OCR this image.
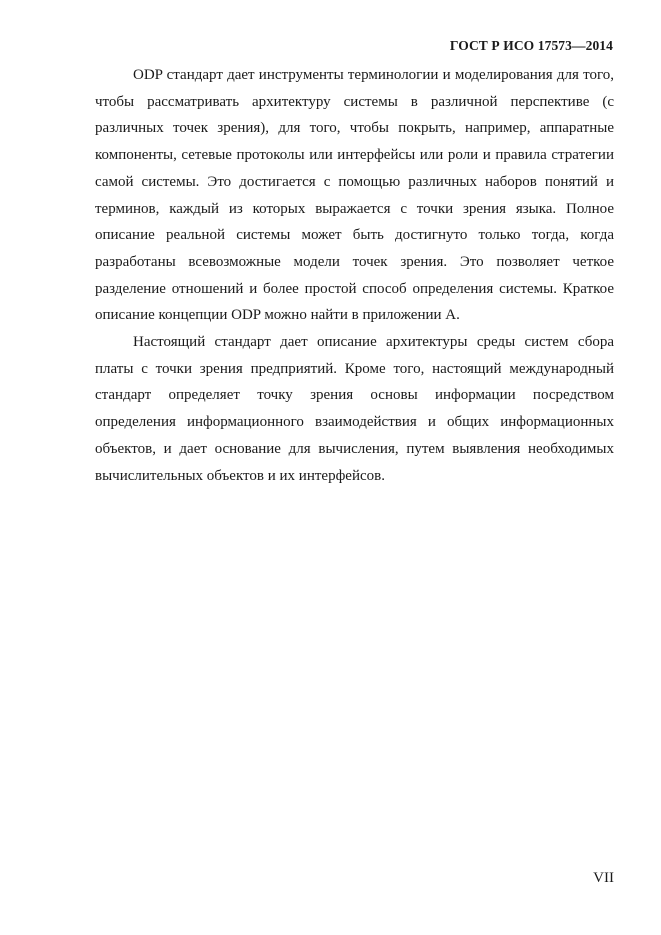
ГОСТ Р ИСО 17573—2014

ODP стандарт дает инструменты терминологии и моделирования для того, чтобы рассматривать архитектуру системы в различной перспективе (с различных точек зрения), для того, чтобы покрыть, например, аппаратные компоненты, сетевые протоколы или интерфейсы или роли и правила стратегии самой системы. Это достигается с помощью различных наборов понятий и терминов, каждый из которых выражается с точки зрения языка. Полное описание реальной системы может быть достигнуто только тогда, когда разработаны всевозможные модели точек зрения. Это позволяет четкое разделение отношений и более простой способ определения системы. Краткое описание концепции ODP можно найти в приложении А.

Настоящий стандарт дает описание архитектуры среды систем сбора платы с точки зрения предприятий. Кроме того, настоящий международный стандарт определяет точку зрения основы информации посредством определения информационного взаимодействия и общих информационных объектов, и дает основание для вычисления, путем выявления необходимых вычислительных объектов и их интерфейсов.

VII
